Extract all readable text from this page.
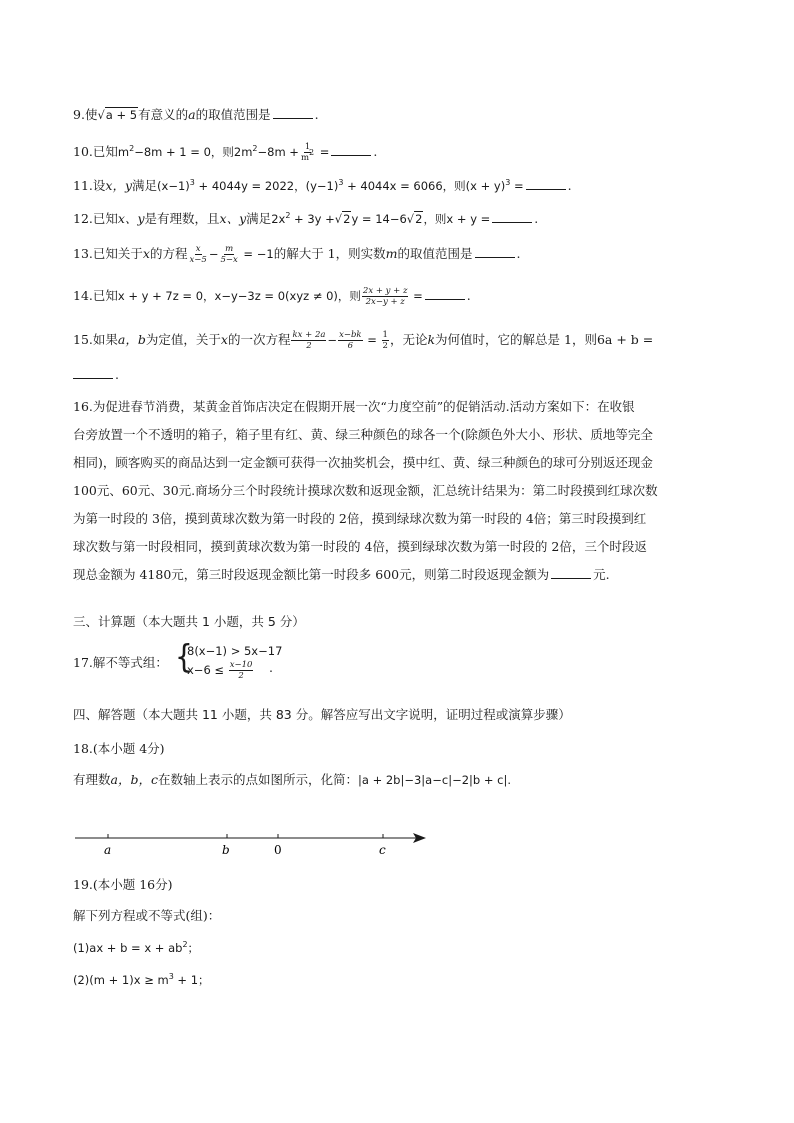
9.使√a + 5有意义的a的取值范围是	.
10.已知$m^2-8m + 1 = 0$，则$2m^2-8m + \frac{1}{m^2}$ =	.
11.设x，y满足$(x-1)^3 + 4044y = 2022$，$(y-1)^3 + 4044x = 6066$，则$(x + y)^3$ =	.
12.已知x、y是有理数，且x、y满足$2x^2 + 3y +√2y = 14-6√2$，则x + y =	.
13.已知关于x的方程 $\frac{x}{x-5} - \frac{m}{5-x} = -1$的解大于 1，则实数m的取值范围是	.
14.已知x + y + 7z = 0，x−y−3z = 0(xyz ≠ 0)，则 $\frac{2x + y + z}{2x-y + z}$ =	.
15.如果a，b为定值，关于x的一次方程 $\frac{kx + 2a}{2} - \frac{x-bk}{6} = \frac{1}{2}$ ，无论k为何值时，它的解总是 1，则6a + b =
.
16.为促进春节消费，某黄金首饰店决定在假期开展一次“力度空前”的促销活动.活动方案如下：在收银
台旁放置一个不透明的箱子，箱子里有红、黄、绿三种颜色的球各一个(除颜色外大小、形状、质地等完全
相同)，顾客购买的商品达到一定金额可获得一次抽奖机会，摸中红、黄、绿三种颜色的球可分别返还现金
100元、60元、30元.商场分三个时段统计摸球次数和返现金额，汇总统计结果为：第二时段摸到红球次数
为第一时段的 3倍，摸到黄球次数为第一时段的 2倍，摸到绿球次数为第一时段的 4倍；第三时段摸到红
球次数与第一时段相同，摸到黄球次数为第一时段的 4倍，摸到绿球次数为第一时段的 2倍，三个时段返
现总金额为 4180元，第三时段返现金额比第一时段多 600元，则第二时段返现金额为	元.
三、计算题（本大题共 1 小题，共 5 分）
17.解不等式组： {
8(x−1) > 5x−17
$x-6 \le \frac{x-10}{2}$ .
四、解答题（本大题共 11 小题，共 83 分。解答应写出文字说明，证明过程或演算步骤）
18.(本小题 4分)
有理数a，b，c在数轴上表示的点如图所示，化简：|a + 2b|−3|a−c|−2|b + c|.
a	b	0	c
19.(本小题 16分)
解下列方程或不等式(组)：
$(1)ax + b = x + ab^2$；
$(2)(m + 1)x \ge m^3 + 1$；
